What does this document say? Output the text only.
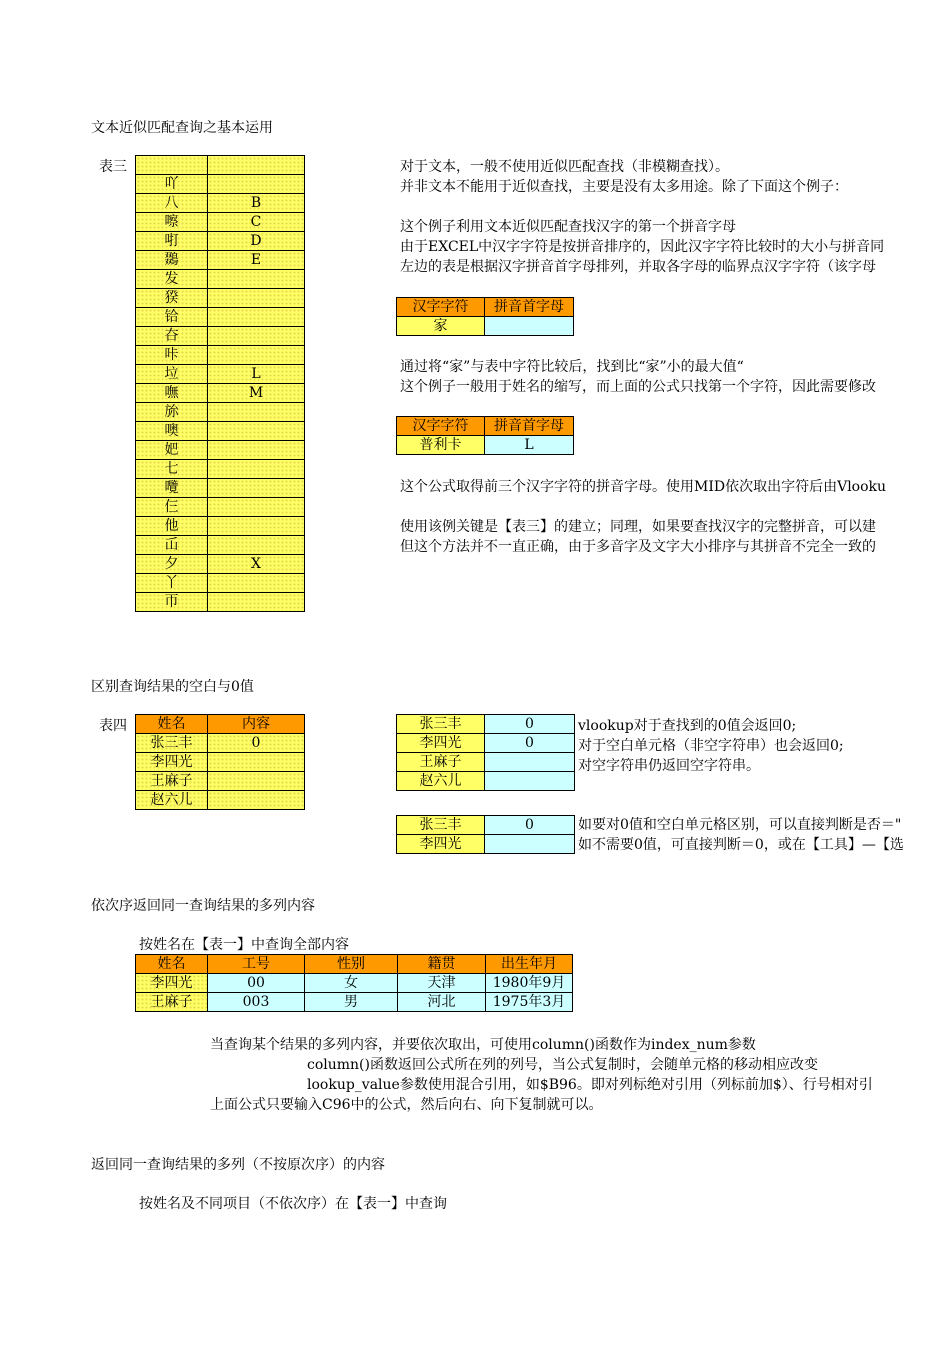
文本近似匹配查询之基本运用
表三

吖	
八	B
嚓	C
咑	D
鵽	E
发	
猤	
铪	
夻	
咔	
垃	L
嘸	M
旀	
噢	
妑	
七	
囕	
仨	
他	
屲	
夕	X
丫	
帀	
对于文本，一般不使用近似匹配查找（非模糊查找）。
并非文本不能用于近似查找，主要是没有太多用途。除了下面这个例子：
这个例子利用文本近似匹配查找汉字的第一个拼音字母
由于EXCEL中汉字字符是按拼音排序的，因此汉字字符比较时的大小与拼音同
左边的表是根据汉字拼音首字母排列，并取各字母的临界点汉字字符（该字母
汉字字符	拼音首字母
家	
通过将“家”与表中字符比较后，找到比“家”小的最大值“
这个例子一般用于姓名的缩写，而上面的公式只找第一个字符，因此需要修改
汉字字符	拼音首字母
普利卡	L
这个公式取得前三个汉字字符的拼音字母。使用MID依次取出字符后由Vlooku
使用该例关键是【表三】的建立；同理，如果要查找汉字的完整拼音，可以建
但这个方法并不一直正确，由于多音字及文字大小排序与其拼音不完全一致的
区别查询结果的空白与0值
表四 姓名	内容
张三丰	0
李四光	
王麻子	
赵六儿	
张三丰	0
李四光	0
王麻子	
赵六儿	
vlookup对于查找到的0值会返回0;
对于空白单元格（非空字符串）也会返回0;
对空字符串仍返回空字符串。
张三丰	0
李四光	
如要对0值和空白单元格区别，可以直接判断是否＝"
如不需要0值，可直接判断＝0，或在【工具】—【选
依次序返回同一查询结果的多列内容
按姓名在【表一】中查询全部内容
姓名	工号	性别	籍贯	出生年月
李四光	00	女	天津	1980年9月
王麻子	003	男	河北	1975年3月
当查询某个结果的多列内容，并要依次取出，可使用column()函数作为index_num参数
column()函数返回公式所在列的列号，当公式复制时，会随单元格的移动相应改变
lookup_value参数使用混合引用，如$B96。即对列标绝对引用（列标前加$）、行号相对引
上面公式只要输入C96中的公式，然后向右、向下复制就可以。
返回同一查询结果的多列（不按原次序）的内容
按姓名及不同项目（不依次序）在【表一】中查询
